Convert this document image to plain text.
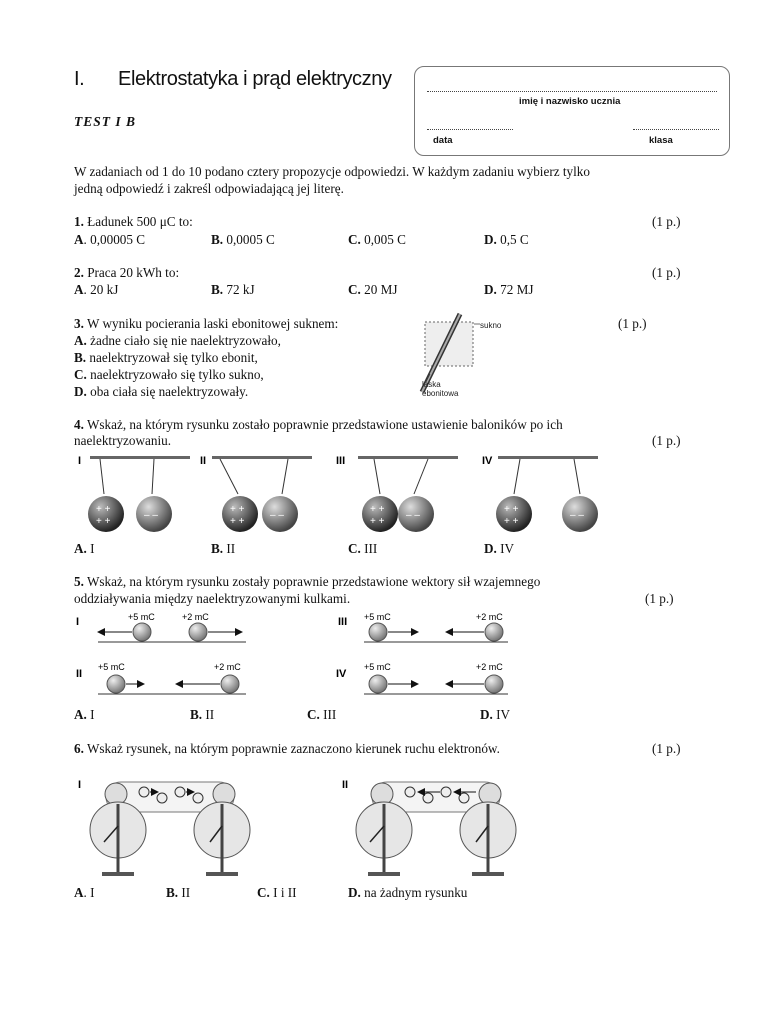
I. Elektrostatyka i prąd elektryczny
TEST I B
imię i nazwisko ucznia
data	klasa
W zadaniach od 1 do 10 podano cztery propozycje odpowiedzi. W każdym zadaniu wybierz tylko
jedną odpowiedź i zakreśl odpowiadającą jej literę.
1. Ładunek 500 μC to:	(1 p.)
A. 0,00005 C	B. 0,0005 C	C. 0,005 C	D. 0,5 C
2. Praca 20 kWh to:	(1 p.)
A. 20 kJ	B. 72 kJ	C. 20 MJ	D. 72 MJ
3. W wyniku pocierania laski ebonitowej suknem:	(1 p.)
A. żadne ciało się nie naelektryzowało,
B. naelektryzował się tylko ebonit,
C. naelektryzowało się tylko sukno,
D. oba ciała się naelektryzowały.
sukno
laska
ebonitowa
4. Wskaż, na którym rysunku zostało poprawnie przedstawione ustawienie baloników po ich
naelektryzowaniu.	(1 p.)
I
+ +
+ +
– –
II
+ +
+ +
– –
III
+ +
+ +
– –
IV
+ +
+ +
– –
A. I	B. II	C. III	D. IV
5. Wskaż, na którym rysunku zostały poprawnie przedstawione wektory sił wzajemnego
oddziaływania między naelektryzowanymi kulkami.	(1 p.)
I	+5 mC	+2 mC	III +5 mC	+2 mC
II
+5 mC	+2 mC
IV
+5 mC	+2 mC
A. I	B. II	C. III	D. IV
6. Wskaż rysunek, na którym poprawnie zaznaczono kierunek ruchu elektronów.	(1 p.)
I	II
A. I	B. II	C. I i II	D. na żadnym rysunku
